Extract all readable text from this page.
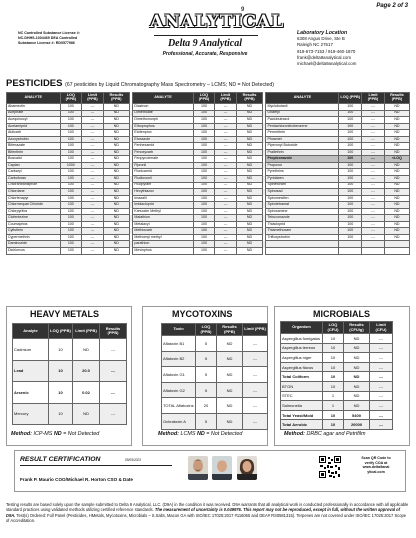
Page 2 of 3
NC Controlled Substance License #:
NC-DHHS-1004469 DEA Controlled
Substance License #: RD0577986
9
ANALYTICAL
Delta 9 Analytical
Professional, Accurate, Responsive
Laboratory Location
6308 Angus Drive, Ste B
Raleigh NC 27617
919-673-7153 / 919-460-1870
frank@delta9analytical.com
michael@delta9analytical.com
PESTICIDES (67 pesticides by Liquid Chromatography Mass Spectrometry – LCMS; ND = Not Detected)
ANALYTE	LOQ (PPB)	Limit (PPB)	Results (PPB)		ANALYTE	LOQ (PPB)	Limit (PPB)	Results (PPB)		ANALYTE	LOQ (PPB)	Limit (PPB)	Results (PPB)
Abamectin	100	---	ND		Diazinon	100	---	ND		Myclobutanil	100	---	ND
Acephate	100	---	ND		Dimethoate	100	---	ND		Oxamyl	100	---	ND
Acequinocyl	100	---	ND		Dimethomorph	100	---	ND		Paclobutrazol	100	---	ND
Acetamiprid	100	---	ND		Ethoprophos	100	---	ND		Pentachloronitrobenzene	100	---	ND
Aldicarb	100	---	ND		Etofenprox	100	---	ND		Permethrin	100	---	ND
Azoxystrobin	100	---	ND		Etoxazole	100	---	ND		Phosmet	100	---	ND
Bifenazate	100	---	ND		Fenhexamid	100	---	ND		Piperonyl Butoxide	100	---	ND
Bifenthrin	100	---	ND		Fenoxycarb	100	---	ND		Prallethrin	100	---	ND
Boscalid	100	---	ND		Fenpyroximate	100	---	ND		Propiconazole	100	---	<LOQ
Captan	1000	---	ND		Fipronil	100	---	ND		Propoxur	100	---	ND
Carbaryl	100	---	ND		Flonicamid	100	---	ND		Pyrethrins	100	---	ND
Carbofuran	100	---	ND		Fludioxonil	100	---	ND		Pyridaben	100	---	ND
Chlorantraniliprole	100	---	ND		Fluopyram	100	---	ND		Spinetoram	100	---	ND
Chlordane	100	---	ND		Hexythiazox	100	---	ND		Spinosad	100	---	ND
Chlorfenapyr	100	---	ND		Imazalil	100	---	ND		Spiromesifen	100	---	ND
Chlormequat Chloride	100	---	ND		Imidacloprid	100	---	ND		Spirotetramat	100	---	ND
Chlorpyrifos	100	---	ND		Kresoxim Methyl	100	---	ND		Spiroxamine	100	---	ND
Clofentezine	100	---	ND		Malathion	100	---	ND		Tebuconazole	100	---	ND
Coumaphos	100	---	ND		Metalaxyl	100	---	ND		Thiacloprid	100	---	ND
Cyfluthrin	100	---	ND		Methiocarb	100	---	ND		Thiamethoxam	100	---	ND
Cypermethrin	100	---	ND		Methomyl methyl	100	---	ND		Trifloxystrobin	100	---	ND
Daminozide	100	---	ND		parathion	100	---	ND					
Dichlorvos	100	---	ND		Mevinphos	100	---	ND					
HEAVY METALS
Analyte	LOQ (PPB)	Limit (PPB)	Results (PPB)
Cadmium	10	ND	---
Lead	10	20.0	---
Arsenic	10	0.02	---
Mercury	10	ND	---
Method: ICP-MS ND = Not Detected
MYCOTOXINS
Toxin	LOQ (PPB)	Results (PPB)	Limit (PPB)
Aflatoxin B1	5	ND	---
Aflatoxin B2	5	ND	---
Aflatoxin G1	5	ND	---
Aflatoxin G2	5	ND	---
TOTAL Aflatoxins	20	ND	---
Ochratoxin A	5	ND	---
Method: LCMS ND = Not Detected
MICROBIALS
Organism	LOQ (CFU)	Results (CFU/g)	Limit (CFU)
Aspergillus fumigatus	10	ND	---
Aspergillus terreus	10	ND	---
Aspergillus niger	10	ND	---
Aspergillus flavus	10	ND	---
Total Coliform	10	ND	---
BTGN	10	ND	---
STEC	1	ND	---
Salmonella	1	ND	---
Total Yeast/Mold	10	5400	---
Total Aerobic	10	20000	---
Method: DRBC agar and Petrifilm
RESULT CERTIFICATION	05/05/2023
Frank P. Maurio COO/Michael R. Horton CSO & Date
Scan QR Code to
verify COA at
www.delta9anal
ytical.com
Testing results are based solely upon the sample submitted to Delta 9 Analytical, LLC. (D9A) in the condition it was received. D9A warrants that all analytical work is conducted professionally in accordance with all applicable standard practices using validated methods utilizing certified reference standards. The measurement of uncertainty is 0.049976. This report may not be reproduced, except in full, without the written approval of D9A. Test(s) Ordered: Full Panel (Pesticides, HMetals, Mycotoxins, Microbials – S.Salts, Macon GA with ISO/IEC 17025:2017 #116065 and DEA# RS0581315). Terpenes are not covered under ISO/IEC 17025:2017 Scope of Accreditation.
